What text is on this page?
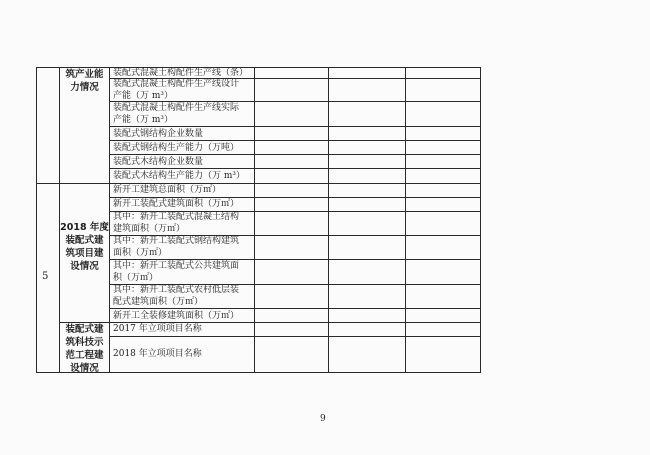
筑产业能
力情况
5
2018 年度
装配式建
筑项目建
设情况
装配式建
筑科技示
范工程建
设情况
装配式混凝土构配件生产线（条）
装配式混凝土构配件生产线设计
产能（万 m³）
装配式混凝土构配件生产线实际
产能（万 m³）
装配式钢结构企业数量
装配式钢结构生产能力（万吨）
装配式木结构企业数量
装配式木结构生产能力（万 m³）
新开工建筑总面积（万㎡）
新开工装配式建筑面积（万㎡）
其中：新开工装配式混凝土结构
建筑面积（万㎡）
其中：新开工装配式钢结构建筑
面积（万㎡）
其中：新开工装配式公共建筑面
积（万㎡）
其中：新开工装配式农村低层装
配式建筑面积（万㎡）
新开工全装修建筑面积（万㎡）
2017 年立项项目名称
2018 年立项项目名称
9
